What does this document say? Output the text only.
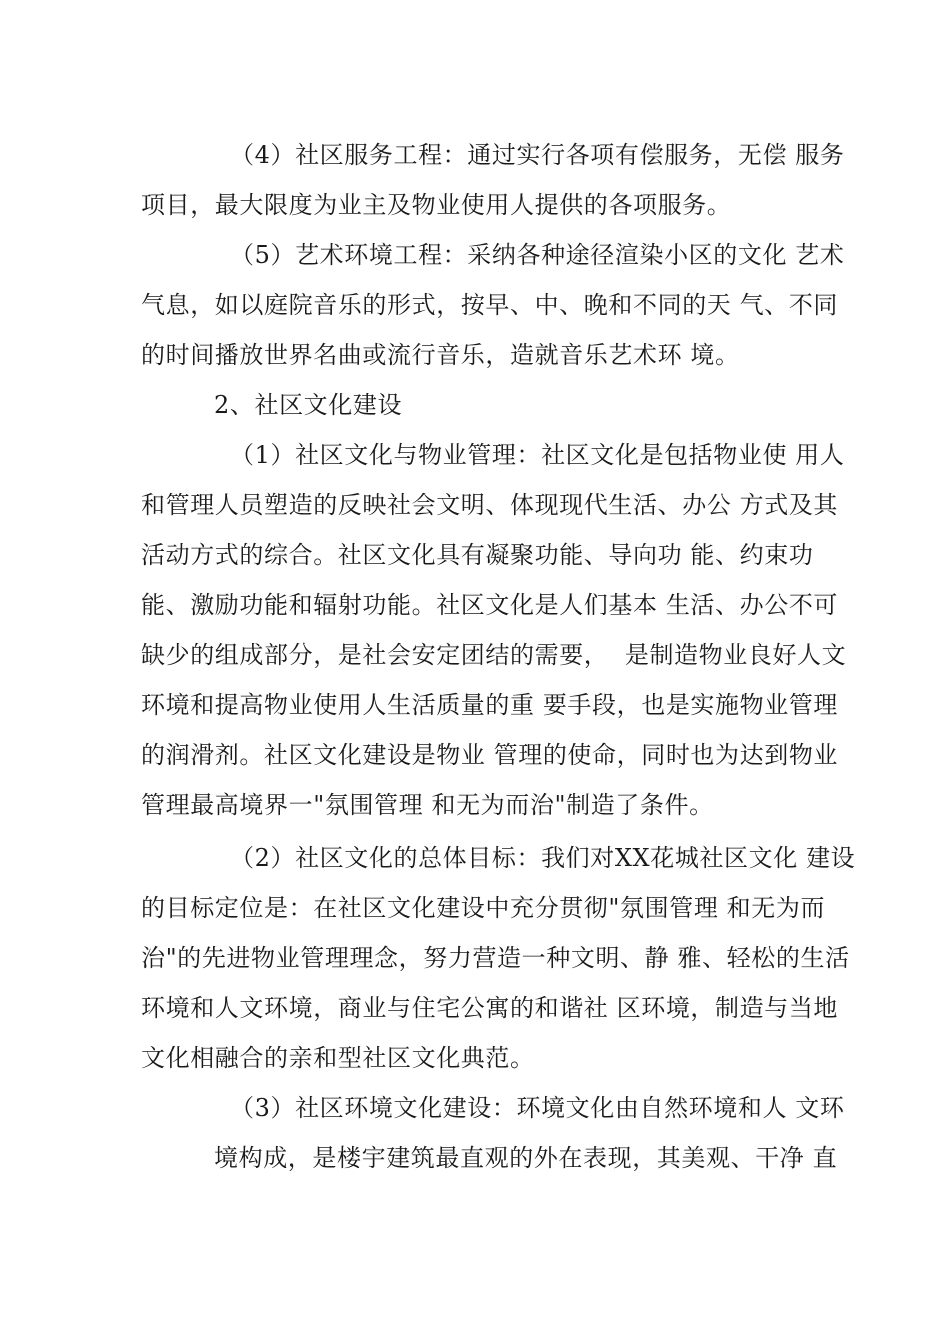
（4）社区服务工程：通过实行各项有偿服务，无偿 服务
项目，最大限度为业主及物业使用人提供的各项服务。
（5）艺术环境工程：采纳各种途径渲染小区的文化 艺术
气息，如以庭院音乐的形式，按早、中、晚和不同的天 气、不同
的时间播放世界名曲或流行音乐，造就音乐艺术环 境。
2、社区文化建设
（1）社区文化与物业管理：社区文化是包括物业使 用人
和管理人员塑造的反映社会文明、体现现代生活、办公 方式及其
活动方式的综合。社区文化具有凝聚功能、导向功 能、约束功
能、激励功能和辐射功能。社区文化是人们基本 生活、办公不可
缺少的组成部分，是社会安定团结的需要，  是制造物业良好人文
环境和提高物业使用人生活质量的重 要手段，也是实施物业管理
的润滑剂。社区文化建设是物业 管理的使命，同时也为达到物业
管理最高境界一"氛围管理 和无为而治"制造了条件。
（2）社区文化的总体目标：我们对XX花城社区文化 建设
的目标定位是：在社区文化建设中充分贯彻"氛围管理 和无为而
治"的先进物业管理理念，努力营造一种文明、静 雅、轻松的生活
环境和人文环境，商业与住宅公寓的和谐社 区环境，制造与当地
文化相融合的亲和型社区文化典范。
（3）社区环境文化建设：环境文化由自然环境和人 文环
境构成，是楼宇建筑最直观的外在表现，其美观、干净 直
